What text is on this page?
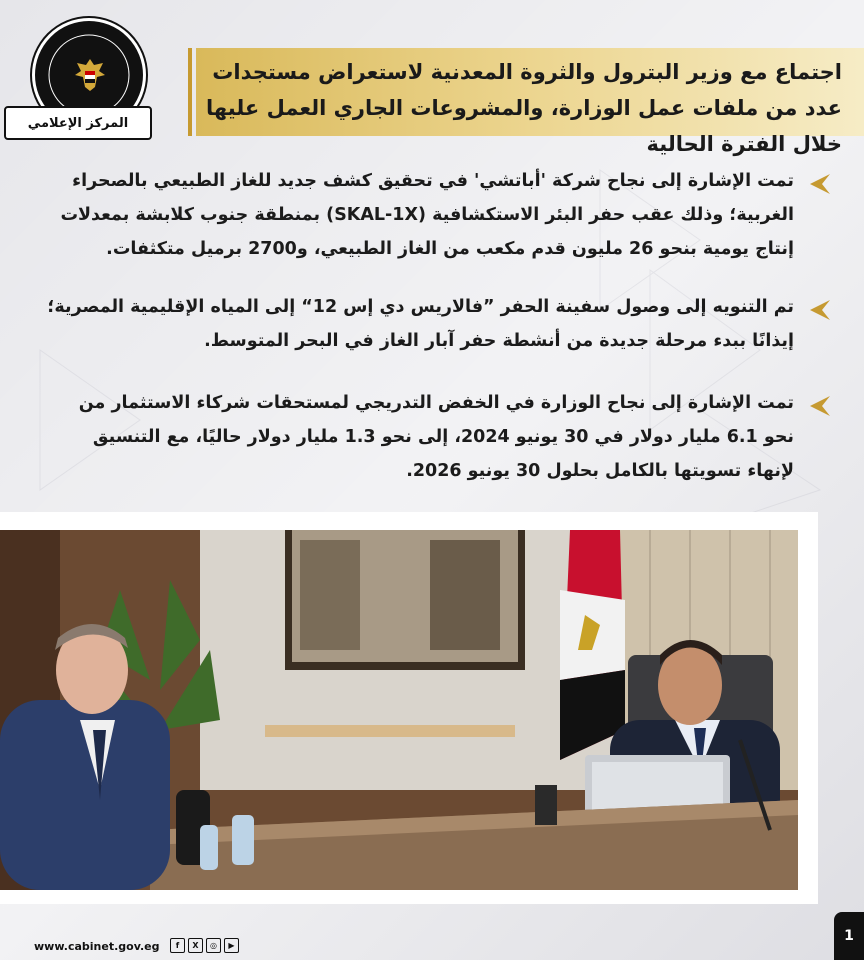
المركز الإعلامي
اجتماع مع وزير البترول والثروة المعدنية لاستعراض مستجدات عدد من ملفات عمل الوزارة، والمشروعات الجاري العمل عليها خلال الفترة الحالية
تمت الإشارة إلى نجاح شركة 'أباتشي' في تحقيق كشف جديد للغاز الطبيعي بالصحراء الغربية؛ وذلك عقب حفر البئر الاستكشافية (SKAL-1X) بمنطقة جنوب كلابشة بمعدلات إنتاج يومية بنحو 26 مليون قدم مكعب من الغاز الطبيعي، و2700 برميل متكثفات.
تم التنويه إلى وصول سفينة الحفر ”فالاريس دي إس 12“ إلى المياه الإقليمية المصرية؛ إيذانًا ببدء مرحلة جديدة من أنشطة حفر آبار الغاز في البحر المتوسط.
تمت الإشارة إلى نجاح الوزارة في الخفض التدريجي لمستحقات شركاء الاستثمار من نحو 6.1 مليار دولار في 30 يونيو 2024، إلى نحو 1.3 مليار دولار حاليًا، مع التنسيق لإنهاء تسويتها بالكامل بحلول 30 يونيو 2026.
www.cabinet.gov.eg	f	X	◎	▶
1
